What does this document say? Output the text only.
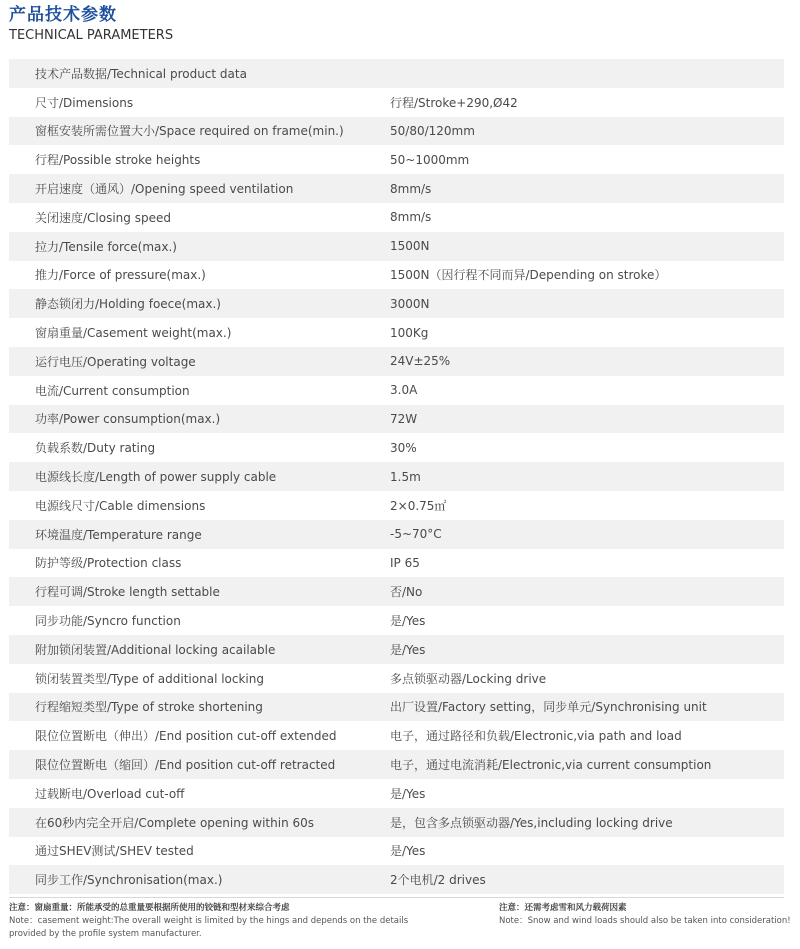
产品技术参数
TECHNICAL PARAMETERS
技术产品数据/Technical product data
尺寸/Dimensions	行程/Stroke+290,Ø42
窗框安装所需位置大小/Space required on frame(min.)	50/80/120mm
行程/Possible stroke heights	50~1000mm
开启速度（通风）/Opening speed ventilation	8mm/s
关闭速度/Closing speed	8mm/s
拉力/Tensile force(max.)	1500N
推力/Force of pressure(max.)	1500N（因行程不同而异/Depending on stroke）
静态锁闭力/Holding foece(max.)	3000N
窗扇重量/Casement weight(max.)	100Kg
运行电压/Operating voltage	24V±25%
电流/Current consumption	3.0A
功率/Power consumption(max.)	72W
负载系数/Duty rating	30%
电源线长度/Length of power supply cable	1.5m
电源线尺寸/Cable dimensions	2×0.75㎡
环境温度/Temperature range	-5~70°C
防护等级/Protection class	IP 65
行程可调/Stroke length settable	否/No
同步功能/Syncro function	是/Yes
附加锁闭装置/Additional locking acailable	是/Yes
锁闭装置类型/Type of additional locking	多点锁驱动器/Locking drive
行程缩短类型/Type of stroke shortening	出厂设置/Factory setting，同步单元/Synchronising unit
限位位置断电（伸出）/End position cut-off extended	电子，通过路径和负载/Electronic,via path and load
限位位置断电（缩回）/End position cut-off retracted	电子，通过电流消耗/Electronic,via current consumption
过载断电/Overload cut-off	是/Yes
在60秒内完全开启/Complete opening within 60s	是，包含多点锁驱动器/Yes,including locking drive
通过SHEV测试/SHEV tested	是/Yes
同步工作/Synchronisation(max.)	2个电机/2 drives
注意：窗扇重量：所能承受的总重量要根据所使用的铰链和型材来综合考虑
Note：casement weight:The overall weight is limited by the hings and depends on the details
provided by the profile system manufacturer.
注意：还需考虑雪和风力载荷因素
Note：Snow and wind loads should also be taken into consideration!
